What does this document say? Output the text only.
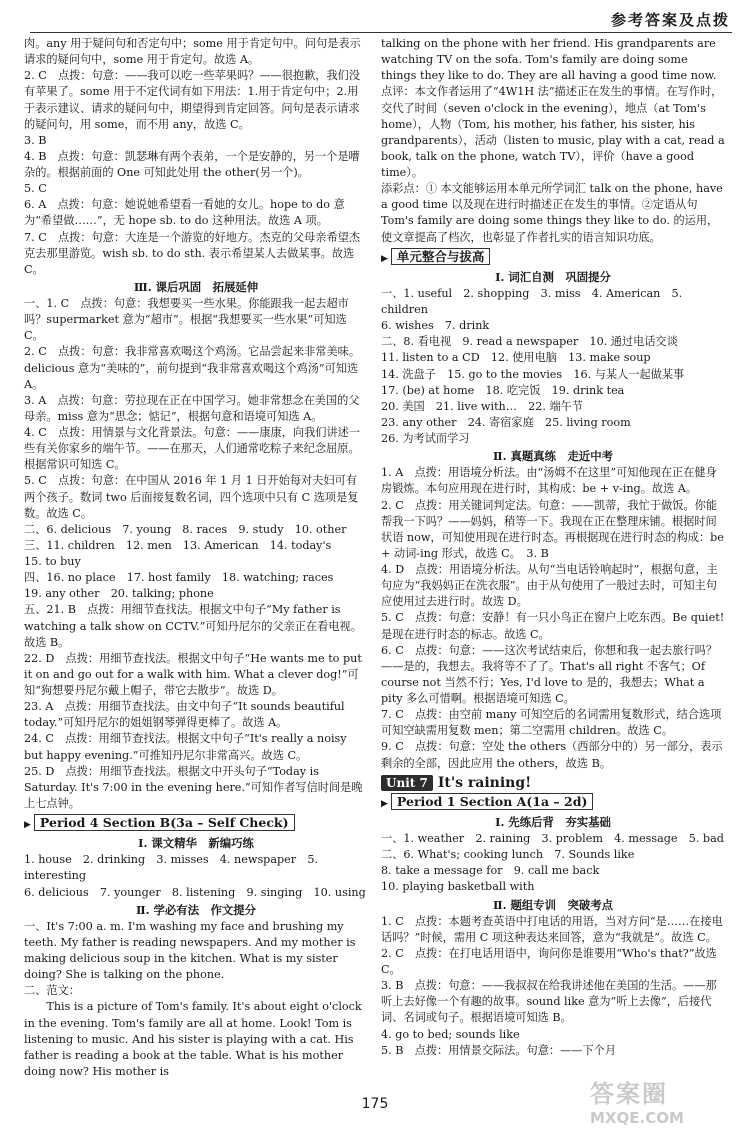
参考答案及点拨

肉。any 用于疑问句和否定句中；some 用于肯定句中。问句是表示请求的疑问句中，some 用于肯定句。故选 A。

2. C　点拨：句意：——我可以吃一些苹果吗？——很抱歉，我们没有苹果了。some 用于不定代词有如下用法：1.用于肯定句中；2.用于表示建议、请求的疑问句中，期望得到肯定回答。问句是表示请求的疑问句，用 some，而不用 any，故选 C。

3. B

4. B　点拨：句意：凯瑟琳有两个表弟，一个是安静的，另一个是嘈杂的。根据前面的 One 可知此处用 the other(另一个)。

5. C

6. A　点拨：句意：她说她希望看一看她的女儿。hope to do 意为“希望做……”，无 hope sb. to do 这种用法。故选 A 项。

7. C　点拨：句意：大连是一个游览的好地方。杰克的父母亲希望杰克去那里游览。wish sb. to do sth. 表示希望某人去做某事。故选 C。

Ⅲ. 课后巩固　拓展延伸

一、1. C　点拨：句意：我想要买一些水果。你能跟我一起去超市吗？supermarket 意为“超市”。根据“我想要买一些水果”可知选 C。

2. C　点拨：句意：我非常喜欢喝这个鸡汤。它品尝起来非常美味。delicious 意为“美味的”，前句提到“我非常喜欢喝这个鸡汤”可知选 A。

3. A　点拨：句意：劳拉现在正在中国学习。她非常想念在美国的父母亲。miss 意为“思念；惦记”，根据句意和语境可知选 A。

4. C　点拨：用情景与文化背景法。句意：——康康，向我们讲述一些有关你家乡的端午节。——在那天，人们通常吃粽子来纪念屈原。根据常识可知选 C。

5. C　点拨：句意：在中国从 2016 年 1 月 1 日开始每对夫妇可有两个孩子。数词 two 后面接复数名词，四个选项中只有 C 选项是复数。故选 C。

二、6. delicious　7. young　8. races　9. study　10. other

三、11. children　12. men　13. American　14. today's

15. to buy

四、16. no place　17. host family　18. watching; races

19. any other　20. talking; phone

五、21. B　点拨：用细节查找法。根据文中句子“My father is watching a talk show on CCTV.”可知丹尼尔的父亲正在看电视。故选 B。

22. D　点拨：用细节查找法。根据文中句子“He wants me to put it on and go out for a walk with him. What a clever dog!”可知“狗想要丹尼尔戴上帽子，带它去散步”。故选 D。

23. A　点拨：用细节查找法。由文中句子“It sounds beautiful today.”可知丹尼尔的姐姐钢琴弹得更棒了。故选 A。

24. C　点拨：用细节查找法。根据文中句子“It's really a noisy but happy evening.”可推知丹尼尔非常高兴。故选 C。

25. D　点拨：用细节查找法。根据文中开头句子“Today is Saturday. It's 7:00 in the evening here.”可知作者写信时间是晚上七点钟。

▶ Period 4 Section B(3a – Self Check)
Ⅰ. 课文精华　新编巧练

1. house　2. drinking　3. misses　4. newspaper　5. interesting

6. delicious　7. younger　8. listening　9. singing　10. using

Ⅱ. 学必有法　作文提分

一、It's 7:00 a. m. I'm washing my face and brushing my teeth. My father is reading newspapers. And my mother is making delicious soup in the kitchen. What is my sister doing? She is talking on the phone.

二、范文：

　　This is a picture of Tom's family. It's about eight o'clock in the evening. Tom's family are all at home. Look! Tom is listening to music. And his sister is playing with a cat. His father is reading a book at the table. What is his mother doing now? His mother is

talking on the phone with her friend. His grandparents are watching TV on the sofa. Tom's family are doing some things they like to do. They are all having a good time now.

点评：本文作者运用了“4W1H 法”描述正在发生的事情。在写作时，交代了时间（seven o'clock in the evening），地点（at Tom's home），人物（Tom, his mother, his father, his sister, his grandparents），活动（listen to music, play with a cat, read a book, talk on the phone, watch TV），评价（have a good time）。

添彩点：① 本文能够运用本单元所学词汇 talk on the phone, have a good time 以及现在进行时描述正在发生的事情。②定语从句 Tom's family are doing some things they like to do. 的运用，使文章提高了档次，也彰显了作者扎实的语言知识功底。

▶ 单元整合与拔高
Ⅰ. 词汇自测　巩固提分

一、1. useful　2. shopping　3. miss　4. American　5. children

6. wishes　7. drink

二、8. 看电视　9. read a newspaper　10. 通过电话交谈

11. listen to a CD　12. 使用电脑　13. make soup

14. 洗盘子　15. go to the movies　16. 与某人一起做某事

17. (be) at home　18. 吃完饭　19. drink tea

20. 美国　21. live with…　22. 端午节

23. any other　24. 寄宿家庭　25. living room

26. 为考试而学习

Ⅱ. 真题真练　走近中考

1. A　点拨：用语境分析法。由“汤姆不在这里”可知他现在正在健身房锻炼。本句应用现在进行时，其构成：be + v-ing。故选 A。

2. C　点拨：用关键词判定法。句意：——凯蒂，我忙于做饭。你能帮我一下吗？——妈妈，稍等一下。我现在正在整理床铺。根据时间状语 now，可知使用现在进行时态。再根据现在进行时态的构成：be + 动词-ing 形式，故选 C。　3. B

4. D　点拨：用语境分析法。从句“当电话铃响起时”，根据句意，主句应为“我妈妈正在洗衣服”。由于从句使用了一般过去时，可知主句应使用过去进行时。故选 D。

5. C　点拨：句意：安静！有一只小鸟正在窗户上吃东西。Be quiet! 是现在进行时态的标志。故选 C。

6. C　点拨：句意：——这次考试结束后，你想和我一起去旅行吗？——是的，我想去。我将等不了了。That's all right 不客气；Of course not 当然不行；Yes, I'd love to 是的，我想去；What a pity 多么可惜啊。根据语境可知选 C。

7. C　点拨：由空前 many 可知空后的名词需用复数形式，结合选项可知空缺需用复数 men；第二空需用 children。故选 C。

9. C　点拨：句意：空处 the others（西部分中的）另一部分，表示剩余的全部，因此应用 the others，故选 B。

Unit 7 It's raining!
▶ Period 1 Section A(1a – 2d)
Ⅰ. 先练后背　夯实基础

一、1. weather　2. raining　3. problem　4. message　5. bad

二、6. What's; cooking lunch　7. Sounds like

8. take a message for　9. call me back

10. playing basketball with

Ⅱ. 题组专训　突破考点

1. C　点拨：本题考查英语中打电话的用语，当对方问“是……在接电话吗？”时候，需用 C 项这种表达来回答，意为“我就是”。故选 C。

2. C　点拨：在打电话用语中，询问你是谁要用“Who's that?”故选 C。

3. B　点拨：句意：——我叔叔在给我讲述他在美国的生活。——那听上去好像一个有趣的故事。sound like 意为“听上去像”，后接代词、名词或句子。根据语境可知选 B。

4. go to bed; sounds like

5. B　点拨：用情景交际法。句意：——下个月

175	答案圈
MXQE.COM
